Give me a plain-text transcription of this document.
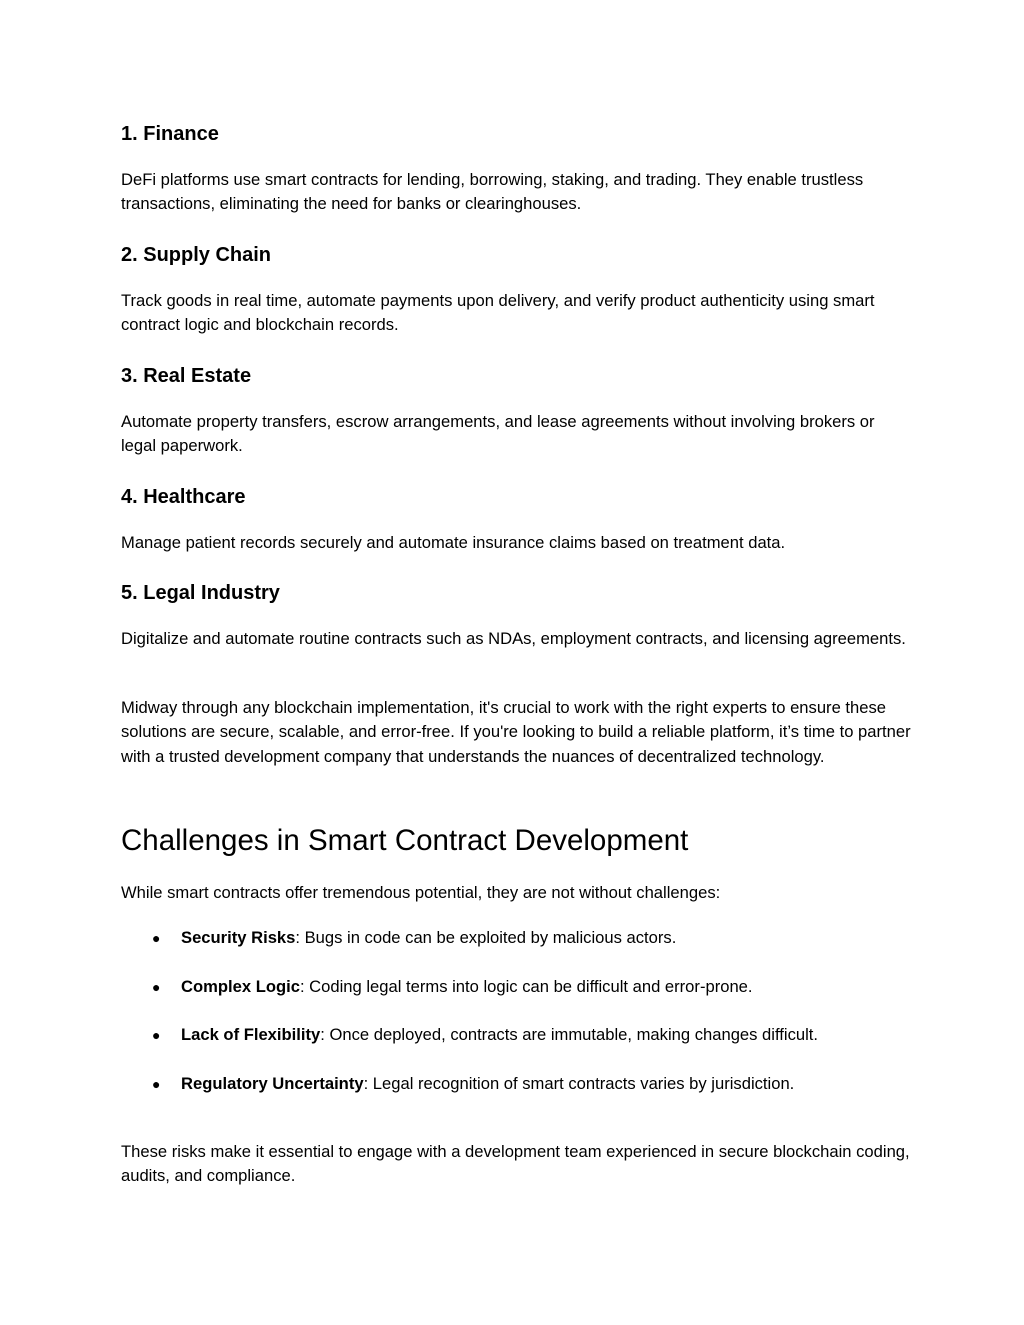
1. Finance

DeFi platforms use smart contracts for lending, borrowing, staking, and trading. They enable trustless transactions, eliminating the need for banks or clearinghouses.

2. Supply Chain

Track goods in real time, automate payments upon delivery, and verify product authenticity using smart contract logic and blockchain records.

3. Real Estate

Automate property transfers, escrow arrangements, and lease agreements without involving brokers or legal paperwork.

4. Healthcare

Manage patient records securely and automate insurance claims based on treatment data.

5. Legal Industry

Digitalize and automate routine contracts such as NDAs, employment contracts, and licensing agreements.

Midway through any blockchain implementation, it's crucial to work with the right experts to ensure these solutions are secure, scalable, and error-free. If you're looking to build a reliable platform, it’s time to partner with a trusted development company that understands the nuances of decentralized technology.

Challenges in Smart Contract Development

While smart contracts offer tremendous potential, they are not without challenges:

● Security Risks: Bugs in code can be exploited by malicious actors.
● Complex Logic: Coding legal terms into logic can be difficult and error-prone.
● Lack of Flexibility: Once deployed, contracts are immutable, making changes difficult.
● Regulatory Uncertainty: Legal recognition of smart contracts varies by jurisdiction.

These risks make it essential to engage with a development team experienced in secure blockchain coding, audits, and compliance.
